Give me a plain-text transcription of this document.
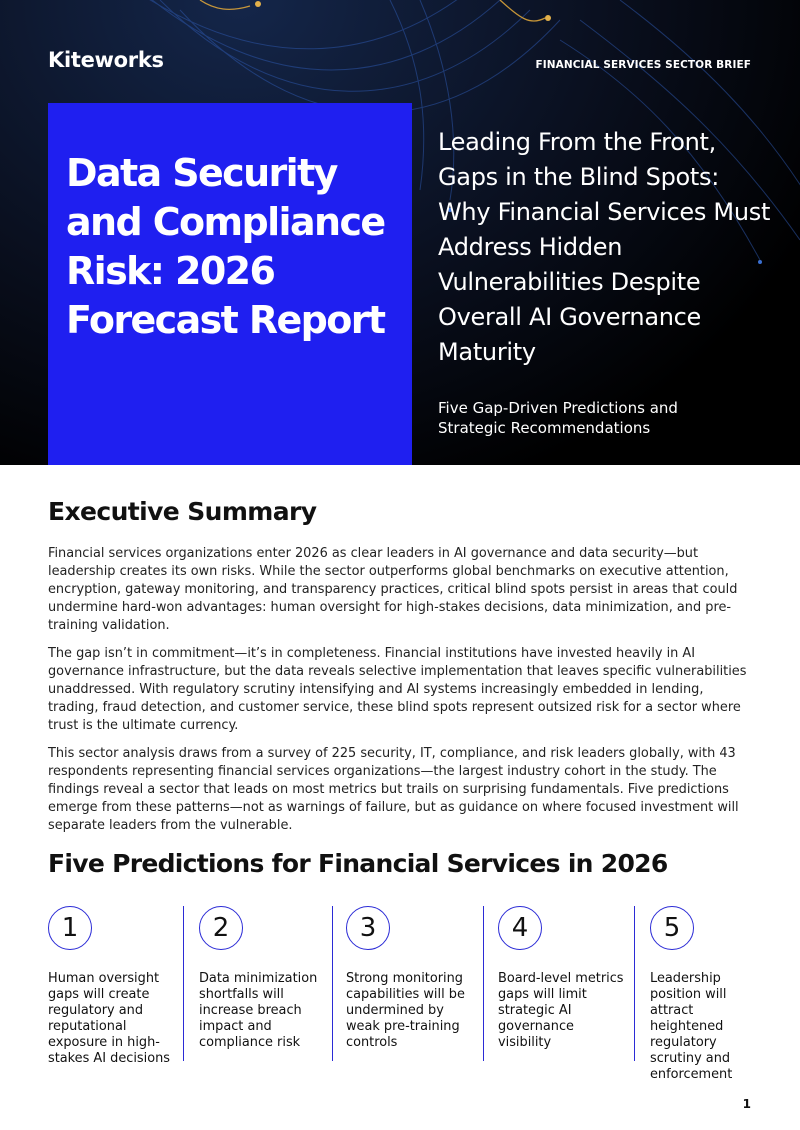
Kiteworks	FINANCIAL SERVICES SECTOR BRIEF
Data Security and Compliance Risk: 2026 Forecast Report

Leading From the Front, Gaps in the Blind Spots: Why Financial Services Must Address Hidden Vulnerabilities Despite Overall AI Governance Maturity

Five Gap-Driven Predictions and Strategic Recommendations

Executive Summary

Financial services organizations enter 2026 as clear leaders in AI governance and data security—but leadership creates its own risks. While the sector outperforms global benchmarks on executive attention, encryption, gateway monitoring, and transparency practices, critical blind spots persist in areas that could undermine hard-won advantages: human oversight for high-stakes decisions, data minimization, and pre-training validation.

The gap isn’t in commitment—it’s in completeness. Financial institutions have invested heavily in AI governance infrastructure, but the data reveals selective implementation that leaves specific vulnerabilities unaddressed. With regulatory scrutiny intensifying and AI systems increasingly embedded in lending, trading, fraud detection, and customer service, these blind spots represent outsized risk for a sector where trust is the ultimate currency.

This sector analysis draws from a survey of 225 security, IT, compliance, and risk leaders globally, with 43 respondents representing financial services organizations—the largest industry cohort in the study. The findings reveal a sector that leads on most metrics but trails on surprising fundamentals. Five predictions emerge from these patterns—not as warnings of failure, but as guidance on where focused investment will separate leaders from the vulnerable.

Five Predictions for Financial Services in 2026
1
Human oversight gaps will create regulatory and reputational exposure in high-stakes AI decisions
2
Data minimization shortfalls will increase breach impact and compliance risk
3
Strong monitoring capabilities will be undermined by weak pre-training controls
4
Board-level metrics gaps will limit strategic AI governance visibility
5
Leadership position will attract heightened regulatory scrutiny and enforcement
1
